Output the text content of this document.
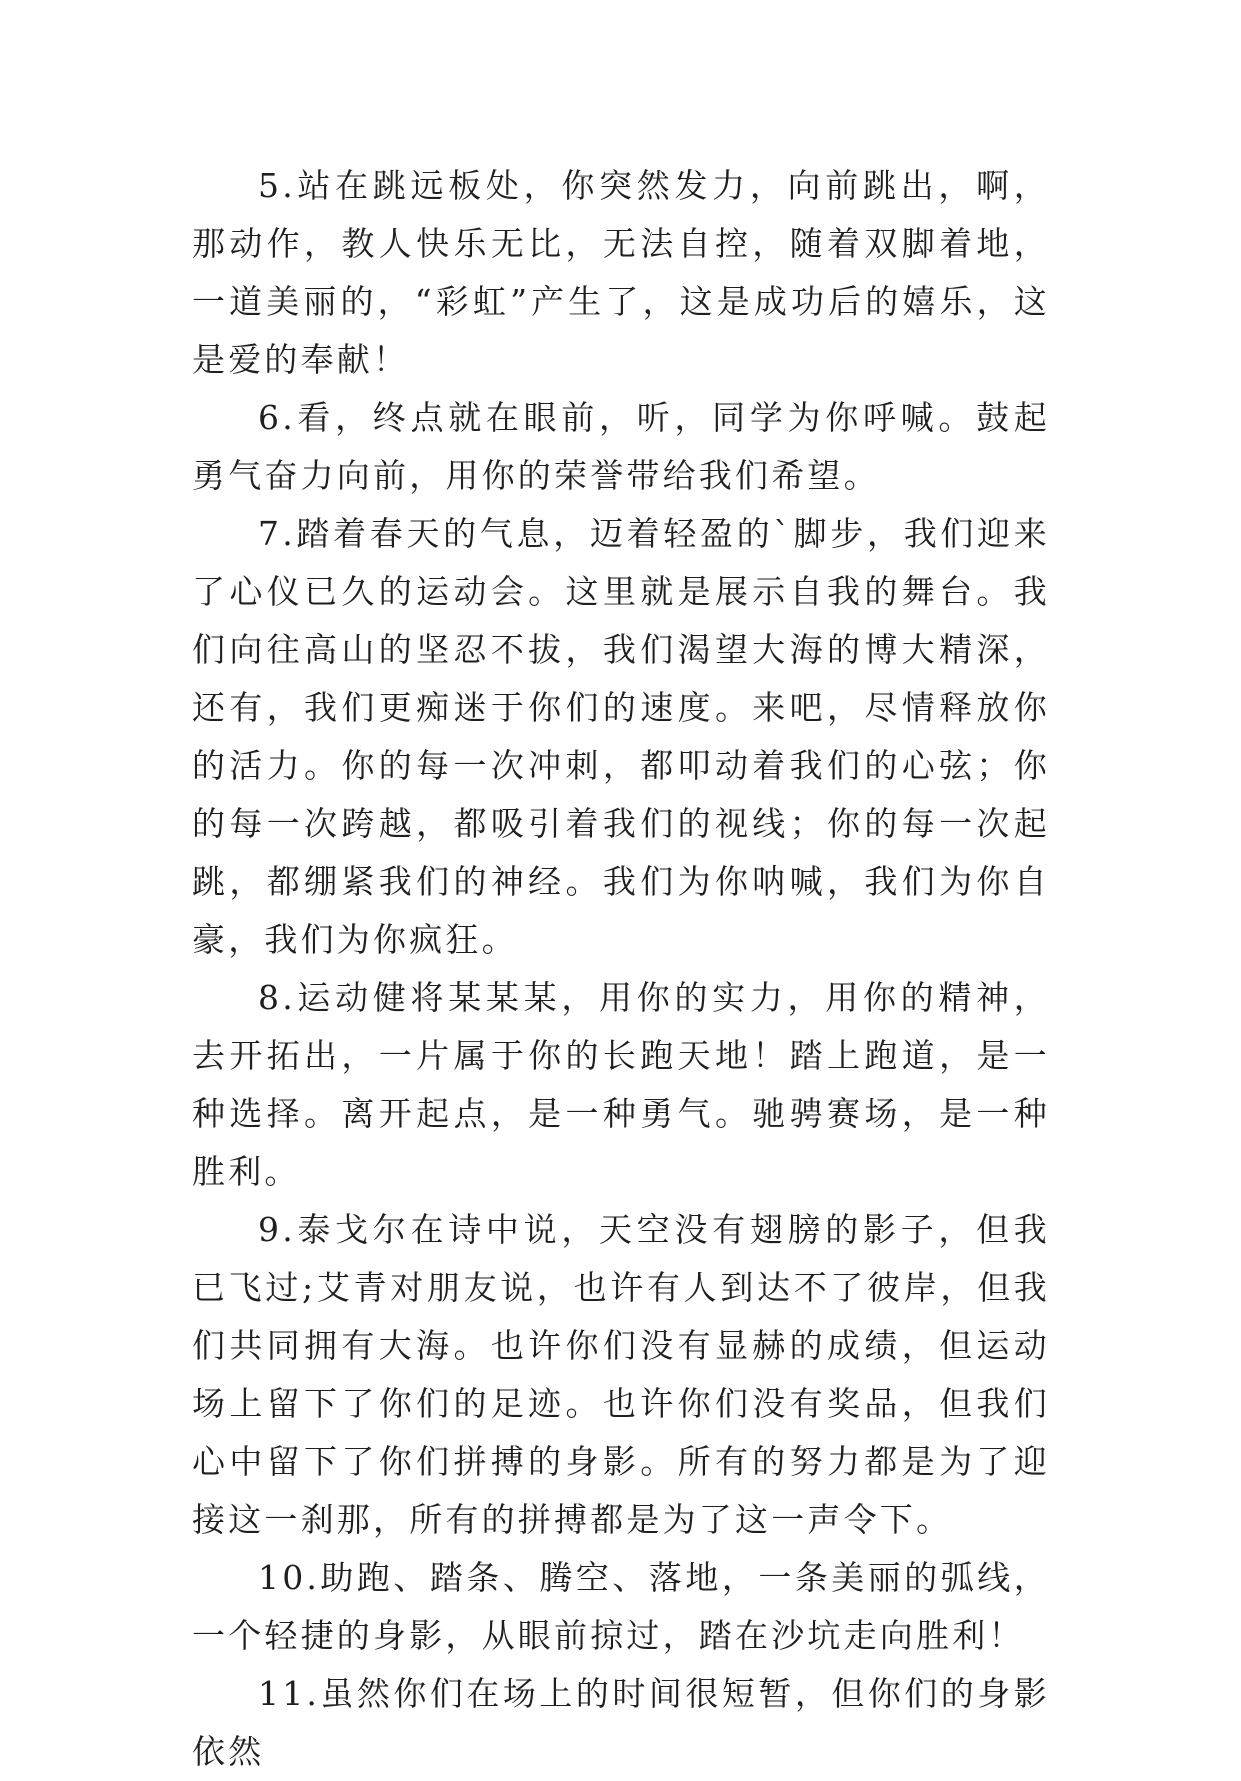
5.站在跳远板处，你突然发力，向前跳出，啊，那动作，教人快乐无比，无法自控，随着双脚着地，一道美丽的，“彩虹”产生了，这是成功后的嬉乐，这是爱的奉献！

6.看，终点就在眼前，听，同学为你呼喊。鼓起勇气奋力向前，用你的荣誉带给我们希望。

7.踏着春天的气息，迈着轻盈的`脚步，我们迎来了心仪已久的运动会。这里就是展示自我的舞台。我们向往高山的坚忍不拔，我们渴望大海的博大精深，还有，我们更痴迷于你们的速度。来吧，尽情释放你的活力。你的每一次冲刺，都叩动着我们的心弦；你的每一次跨越，都吸引着我们的视线；你的每一次起跳，都绷紧我们的神经。我们为你呐喊，我们为你自豪，我们为你疯狂。

8.运动健将某某某，用你的实力，用你的精神，去开拓出，一片属于你的长跑天地！踏上跑道，是一种选择。离开起点，是一种勇气。驰骋赛场，是一种胜利。

9.泰戈尔在诗中说，天空没有翅膀的影子，但我已飞过;艾青对朋友说，也许有人到达不了彼岸，但我们共同拥有大海。也许你们没有显赫的成绩，但运动场上留下了你们的足迹。也许你们没有奖品，但我们心中留下了你们拼搏的身影。所有的努力都是为了迎接这一刹那，所有的拼搏都是为了这一声令下。

10.助跑、踏条、腾空、落地，一条美丽的弧线，一个轻捷的身影，从眼前掠过，踏在沙坑走向胜利！

11.虽然你们在场上的时间很短暂，但你们的身影依然
